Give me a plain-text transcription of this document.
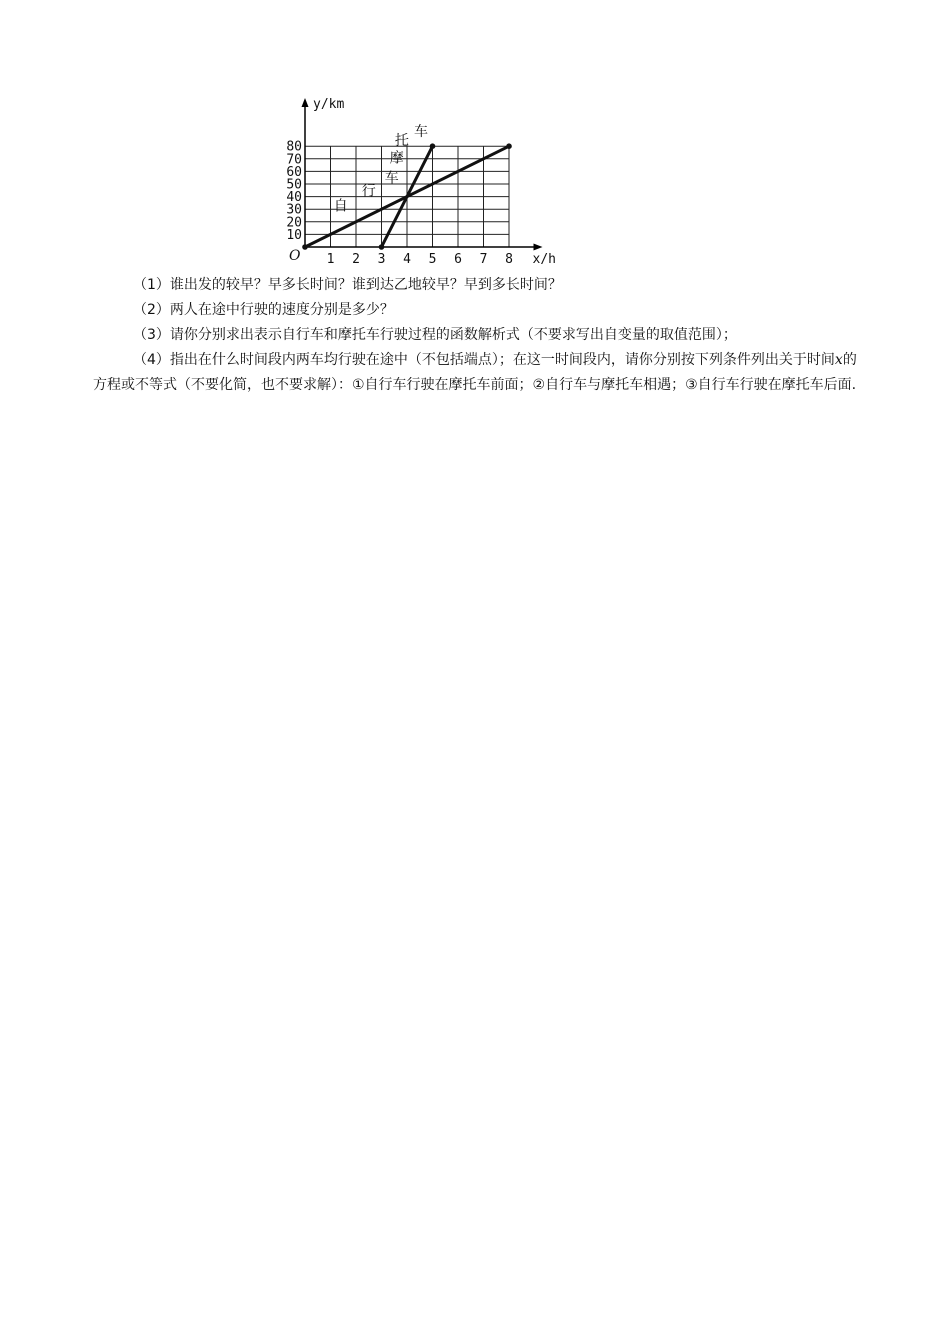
1 2 3 4 5 6 7 8
10
20
30
40
50
60
70
80
O	x/h
y/km
自
行
车
摩
托
车

（1）谁出发的较早？早多长时间？谁到达乙地较早？早到多长时间？

（2）两人在途中行驶的速度分别是多少？

（3）请你分别求出表示自行车和摩托车行驶过程的函数解析式（不要求写出自变量的取值范围）；

（4）指出在什么时间段内两车均行驶在途中（不包括端点）；在这一时间段内，请你分别按下列条件列出关于时间x的方程或不等式（不要化简，也不要求解）：①自行车行驶在摩托车前面；②自行车与摩托车相遇；③自行车行驶在摩托车后面.
